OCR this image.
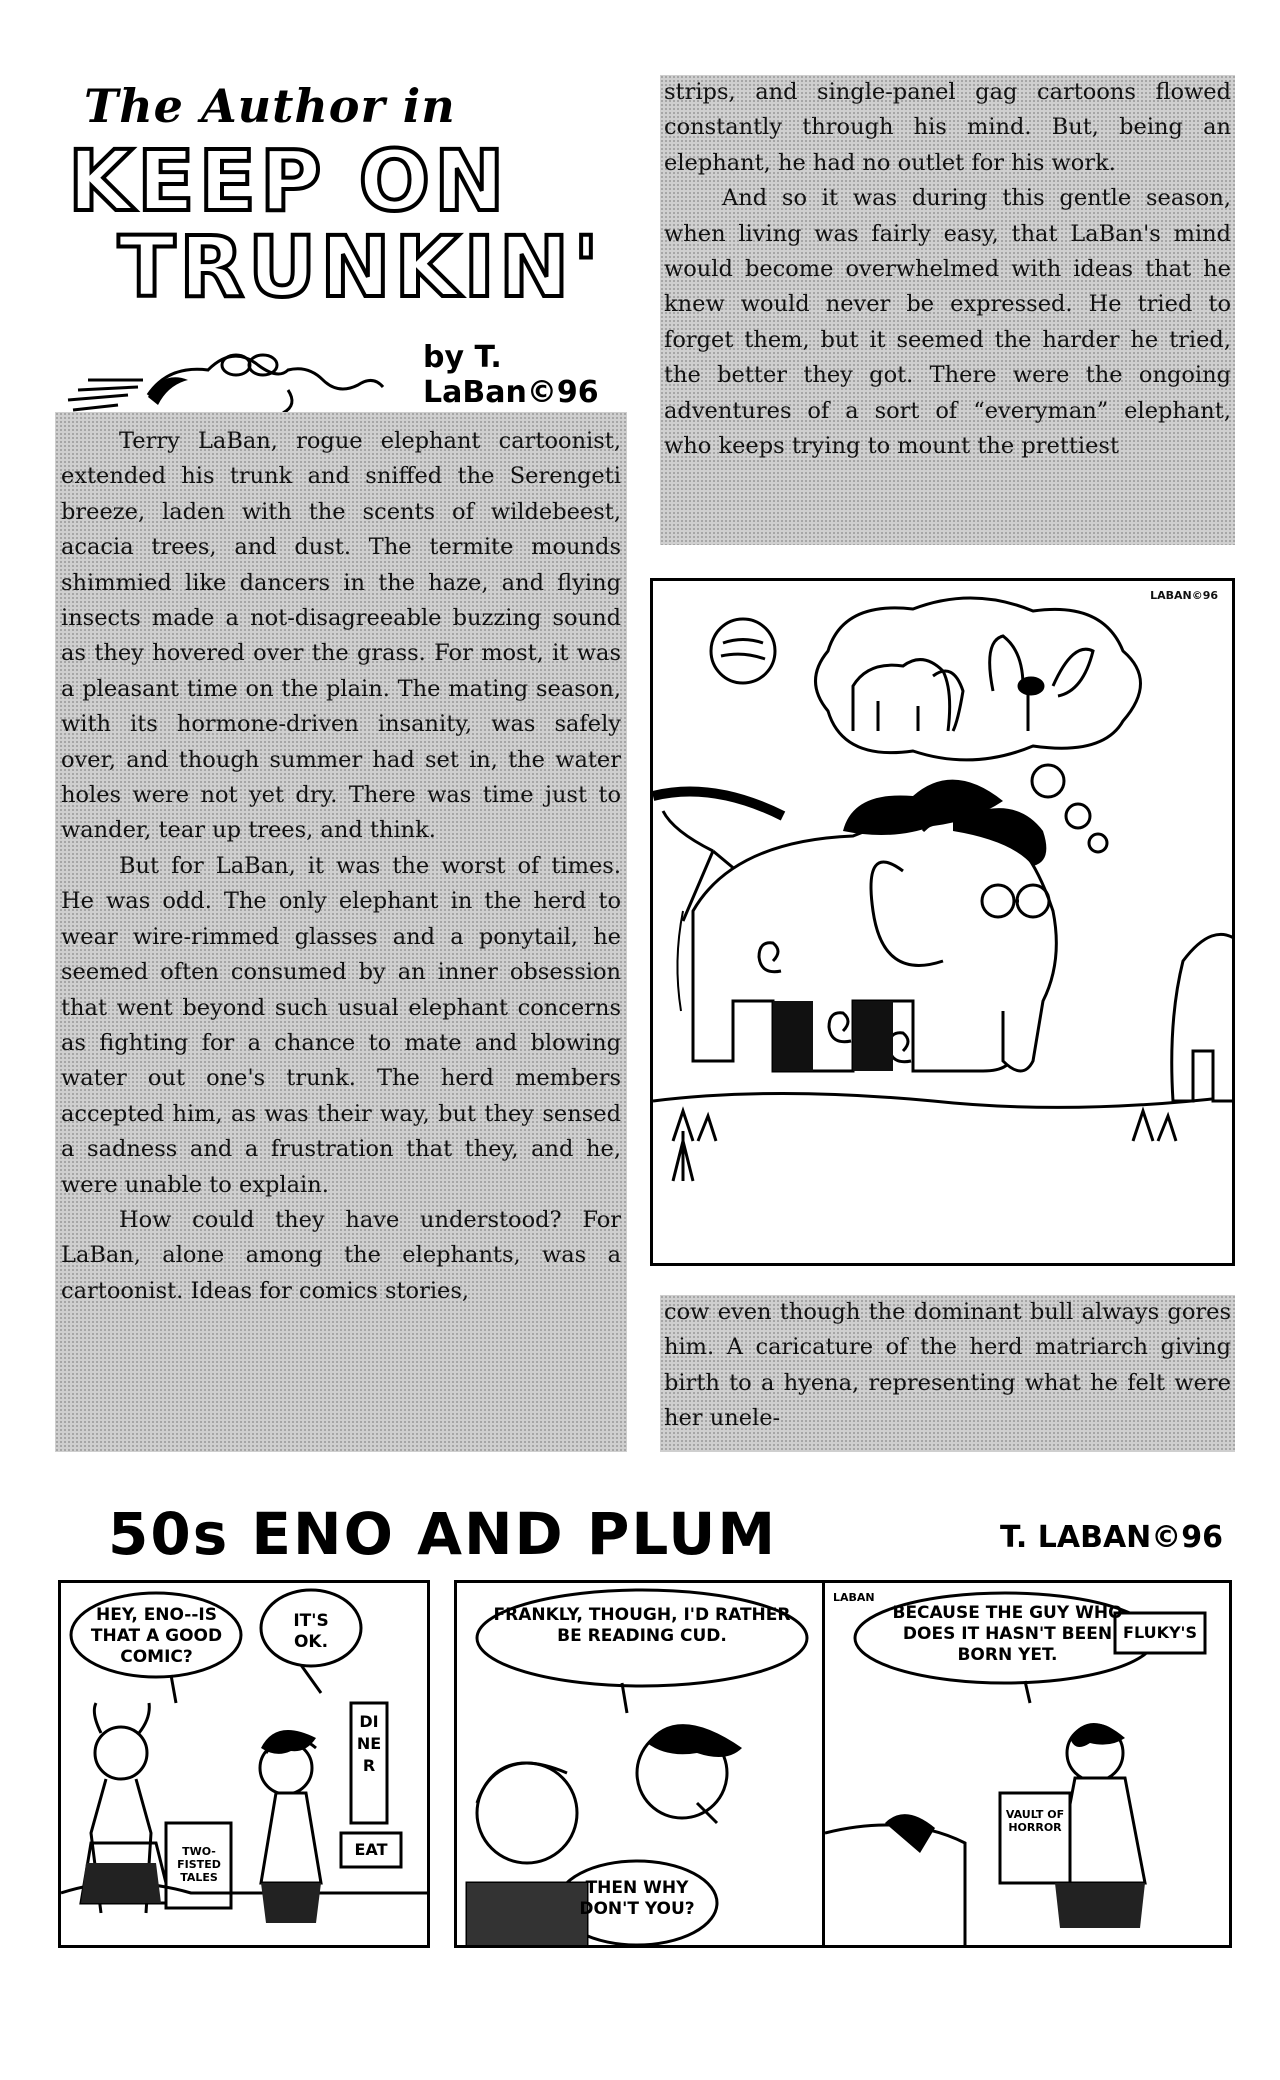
The Author in
KEEP ON
TRUNKIN'
by T. LaBan©96

strips, and single-panel gag cartoons flowed constantly through his mind. But, being an elephant, he had no outlet for his work.

And so it was during this gentle season, when living was fairly easy, that LaBan's mind would become overwhelmed with ideas that he knew would never be expressed. He tried to forget them, but it seemed the harder he tried, the better they got. There were the ongoing adventures of a sort of “everyman” elephant, who keeps trying to mount the prettiest

Terry LaBan, rogue elephant cartoonist, extended his trunk and sniffed the Serengeti breeze, laden with the scents of wildebeest, acacia trees, and dust. The termite mounds shimmied like dancers in the haze, and flying insects made a not-disagreeable buzzing sound as they hovered over the grass. For most, it was a pleasant time on the plain. The mating season, with its hormone-driven insanity, was safely over, and though summer had set in, the water holes were not yet dry. There was time just to wander, tear up trees, and think.

But for LaBan, it was the worst of times. He was odd. The only elephant in the herd to wear wire-rimmed glasses and a ponytail, he seemed often consumed by an inner obsession that went beyond such usual elephant concerns as fighting for a chance to mate and blowing water out one's trunk. The herd members accepted him, as was their way, but they sensed a sadness and a frustration that they, and he, were unable to explain.

How could they have understood? For LaBan, alone among the elephants, was a cartoonist. Ideas for comics stories,

LABAN©96

cow even though the dominant bull always gores him. A caricature of the herd matriarch giving birth to a hyena, representing what he felt were her unele-

50s ENO AND PLUM	T. LABAN©96
HEY, ENO--IS THAT A GOOD COMIC?
IT'S OK.
DINER
EAT
TWO-FISTED TALES
FRANKLY, THOUGH, I'D RATHER BE READING CUD.
THEN WHY DON'T YOU?
BECAUSE THE GUY WHO DOES IT HASN'T BEEN BORN YET.
FLUKY'S
VAULT OF HORROR
LABAN
